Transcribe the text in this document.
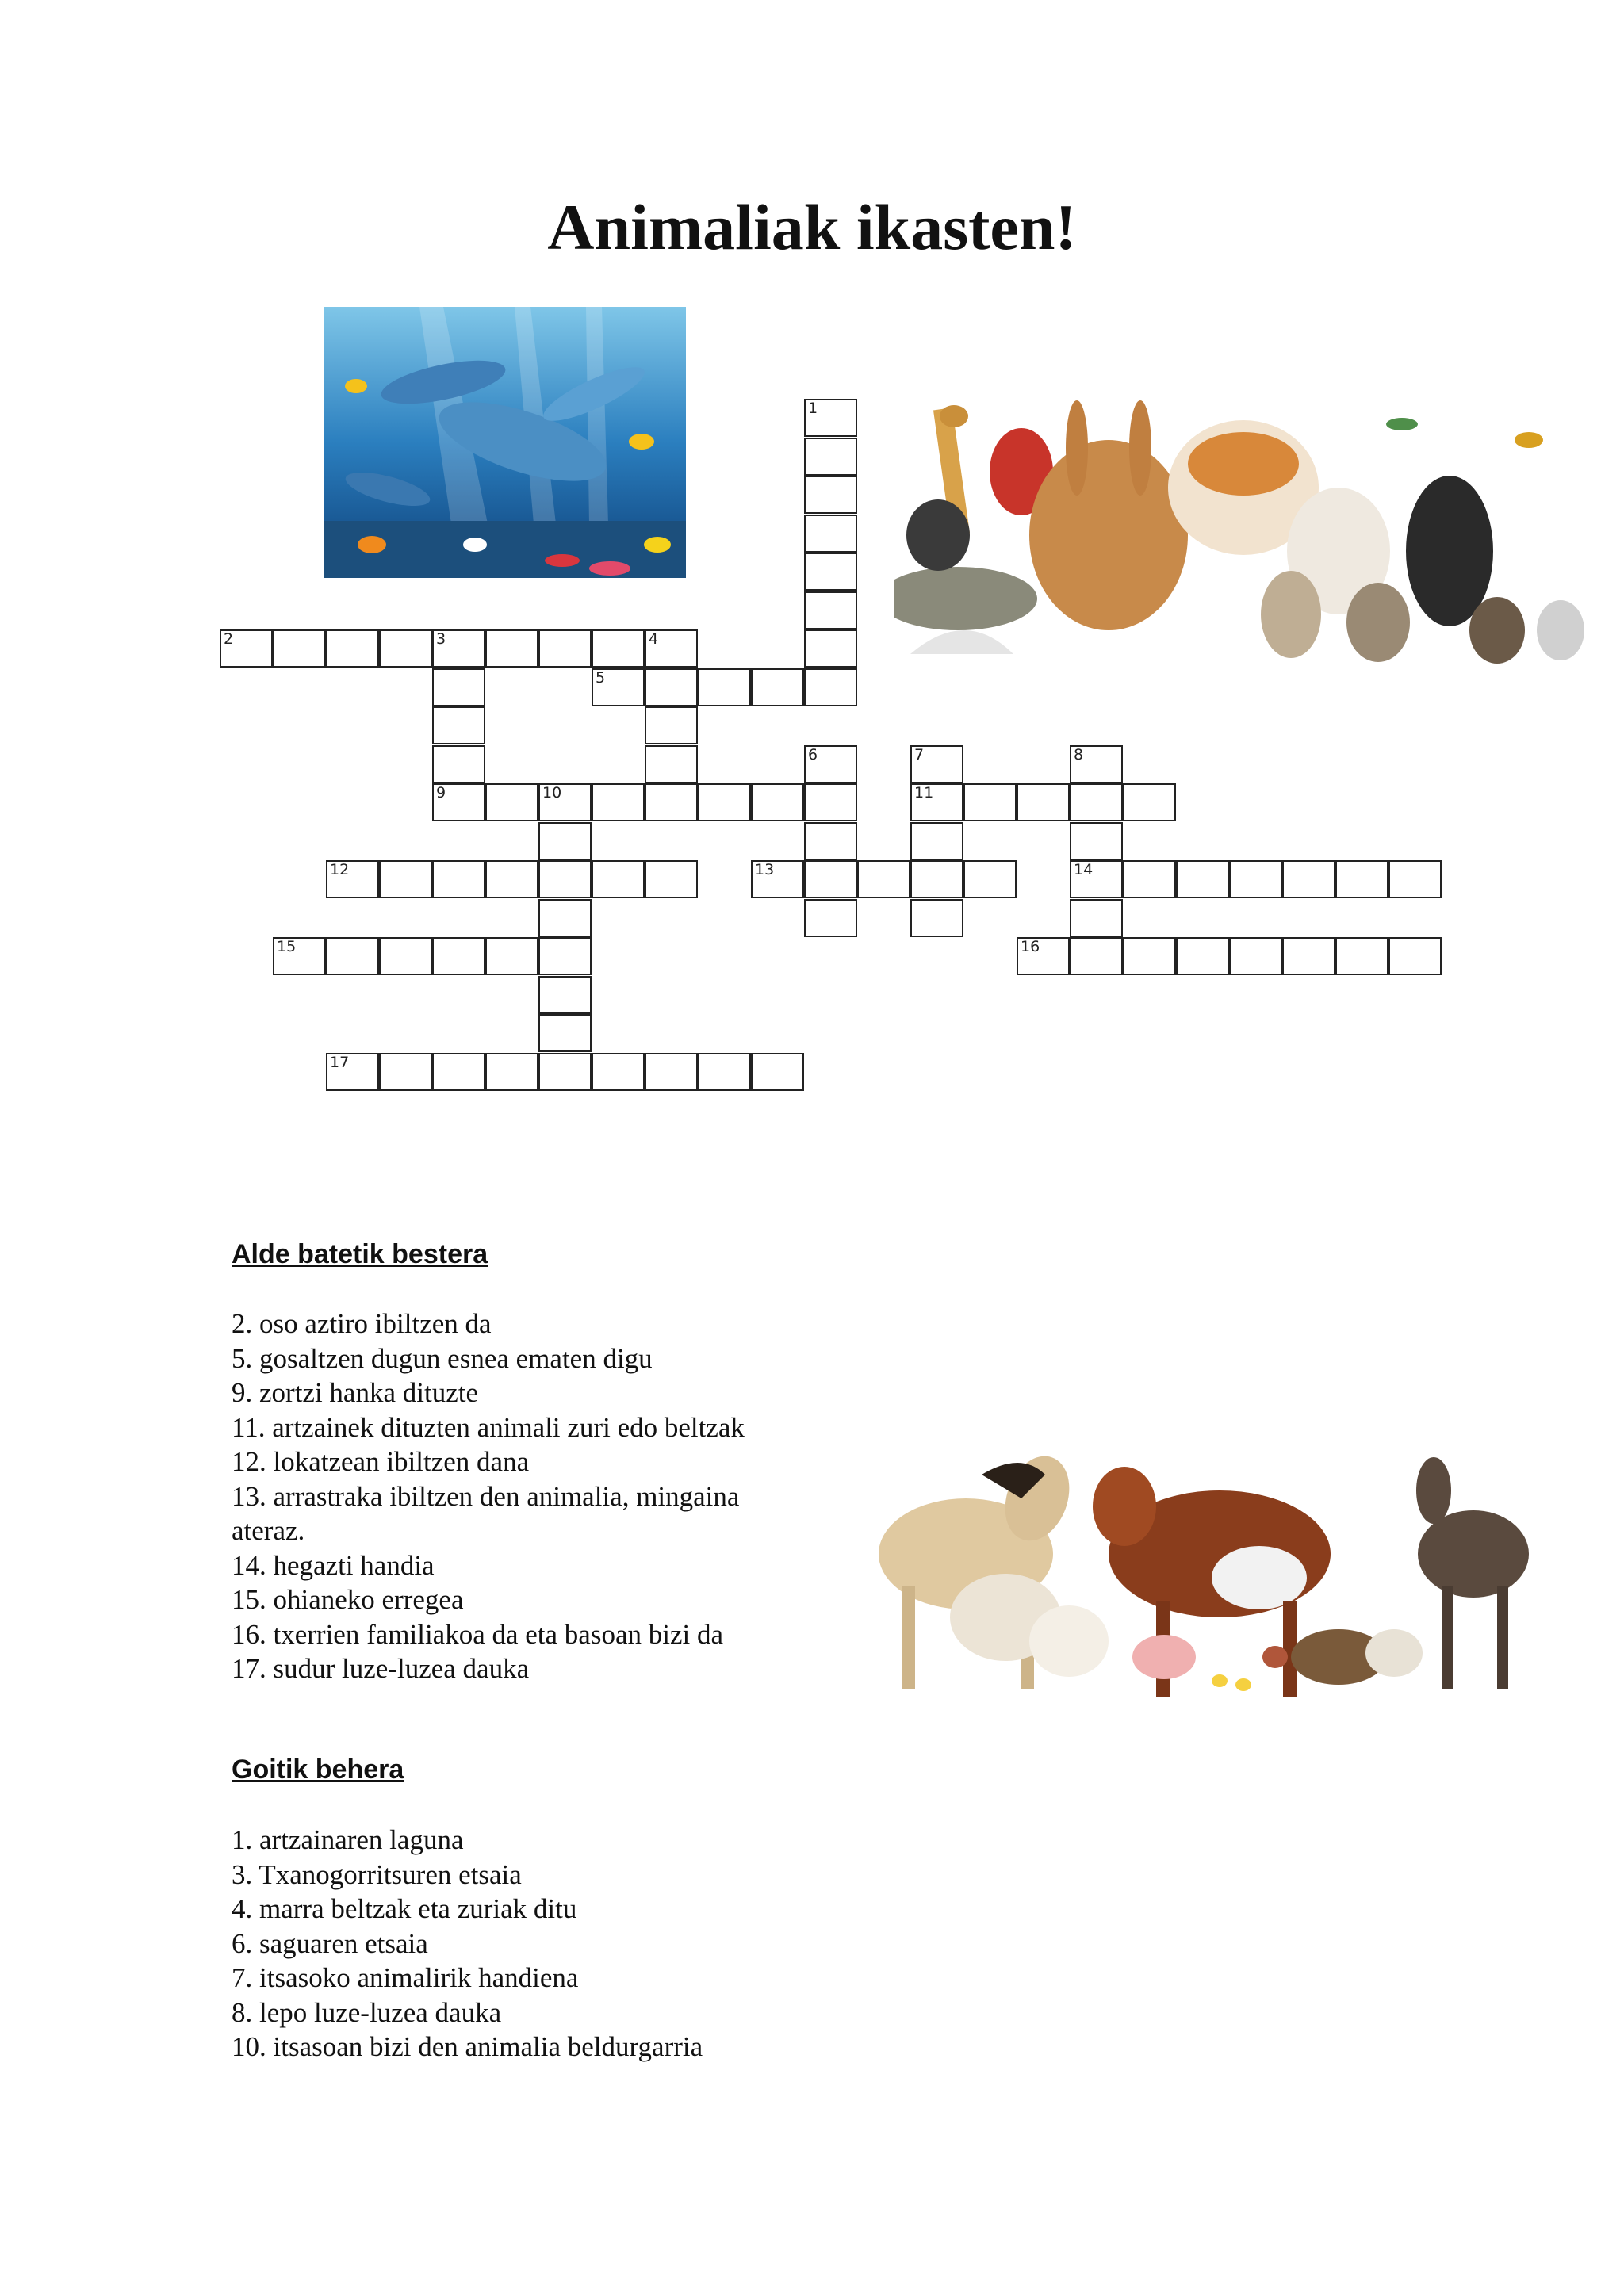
Animaliak ikasten!
2	3	4
5
9	10	11
12	13	14
15	16
17
1
6	7	8
Alde batetik bestera
2. oso aztiro ibiltzen da
5. gosaltzen dugun esnea ematen digu
9. zortzi hanka dituzte
11. artzainek dituzten animali zuri edo beltzak
12. lokatzean ibiltzen dana
13. arrastraka ibiltzen den animalia, mingaina ateraz.
14. hegazti handia
15. ohianeko erregea
16. txerrien familiakoa da eta basoan bizi da
17. sudur luze-luzea dauka
Goitik behera
1. artzainaren laguna
3. Txanogorritsuren etsaia
4. marra beltzak eta zuriak ditu
6. saguaren etsaia
7. itsasoko animalirik handiena
8. lepo luze-luzea dauka
10. itsasoan bizi den animalia beldurgarria
